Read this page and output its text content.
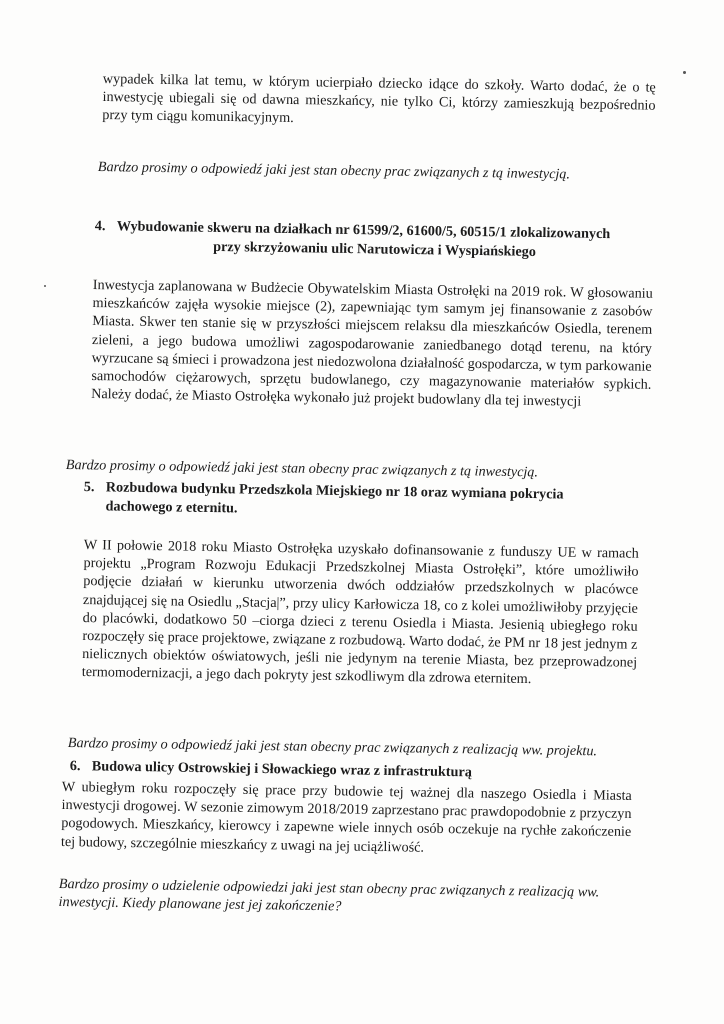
wypadek kilka lat temu, w którym ucierpiało dziecko idące do szkoły. Warto dodać, że o tę inwestycję ubiegali się od dawna mieszkańcy, nie tylko Ci, którzy zamieszkują bezpośrednio przy tym ciągu komunikacyjnym.

Bardzo prosimy o odpowiedź jaki jest stan obecny prac związanych z tą inwestycją.

4. Wybudowanie skweru na działkach nr 61599/2, 61600/5, 60515/1 zlokalizowanych
przy skrzyżowaniu ulic Narutowicza i Wyspiańskiego

Inwestycja zaplanowana w Budżecie Obywatelskim Miasta Ostrołęki na 2019 rok. W głosowaniu mieszkańców zajęła wysokie miejsce (2), zapewniając tym samym jej finansowanie z zasobów Miasta. Skwer ten stanie się w przyszłości miejscem relaksu dla mieszkańców Osiedla, terenem zieleni, a jego budowa umożliwi zagospodarowanie zaniedbanego dotąd terenu, na który wyrzucane są śmieci i prowadzona jest niedozwolona działalność gospodarcza, w tym parkowanie samochodów ciężarowych, sprzętu budowlanego, czy magazynowanie materiałów sypkich. Należy dodać, że Miasto Ostrołęka wykonało już projekt budowlany dla tej inwestycji

Bardzo prosimy o odpowiedź jaki jest stan obecny prac związanych z tą inwestycją.

5. Rozbudowa budynku Przedszkola Miejskiego nr 18 oraz wymiana pokrycia
dachowego z eternitu.

W II połowie 2018 roku Miasto Ostrołęka uzyskało dofinansowanie z funduszy UE w ramach projektu „Program Rozwoju Edukacji Przedszkolnej Miasta Ostrołęki”, które umożliwiło podjęcie działań w kierunku utworzenia dwóch oddziałów przedszkolnych w placówce znajdującej się na Osiedlu „Stacja|”, przy ulicy Karłowicza 18, co z kolei umożliwiłoby przyjęcie do placówki, dodatkowo 50 –ciorga dzieci z terenu Osiedla i Miasta. Jesienią ubiegłego roku rozpoczęły się prace projektowe, związane z rozbudową. Warto dodać, że PM nr 18 jest jednym z nielicznych obiektów oświatowych, jeśli nie jedynym na terenie Miasta, bez przeprowadzonej termomodernizacji, a jego dach pokryty jest szkodliwym dla zdrowa eternitem.

Bardzo prosimy o odpowiedź jaki jest stan obecny prac związanych z realizacją ww. projektu.

6. Budowa ulicy Ostrowskiej i Słowackiego wraz z infrastrukturą

W ubiegłym roku rozpoczęły się prace przy budowie tej ważnej dla naszego Osiedla i Miasta inwestycji drogowej. W sezonie zimowym 2018/2019 zaprzestano prac prawdopodobnie z przyczyn pogodowych. Mieszkańcy, kierowcy i zapewne wiele innych osób oczekuje na rychłe zakończenie tej budowy, szczególnie mieszkańcy z uwagi na jej uciążliwość.

Bardzo prosimy o udzielenie odpowiedzi jaki jest stan obecny prac związanych z realizacją ww. inwestycji. Kiedy planowane jest jej zakończenie?
